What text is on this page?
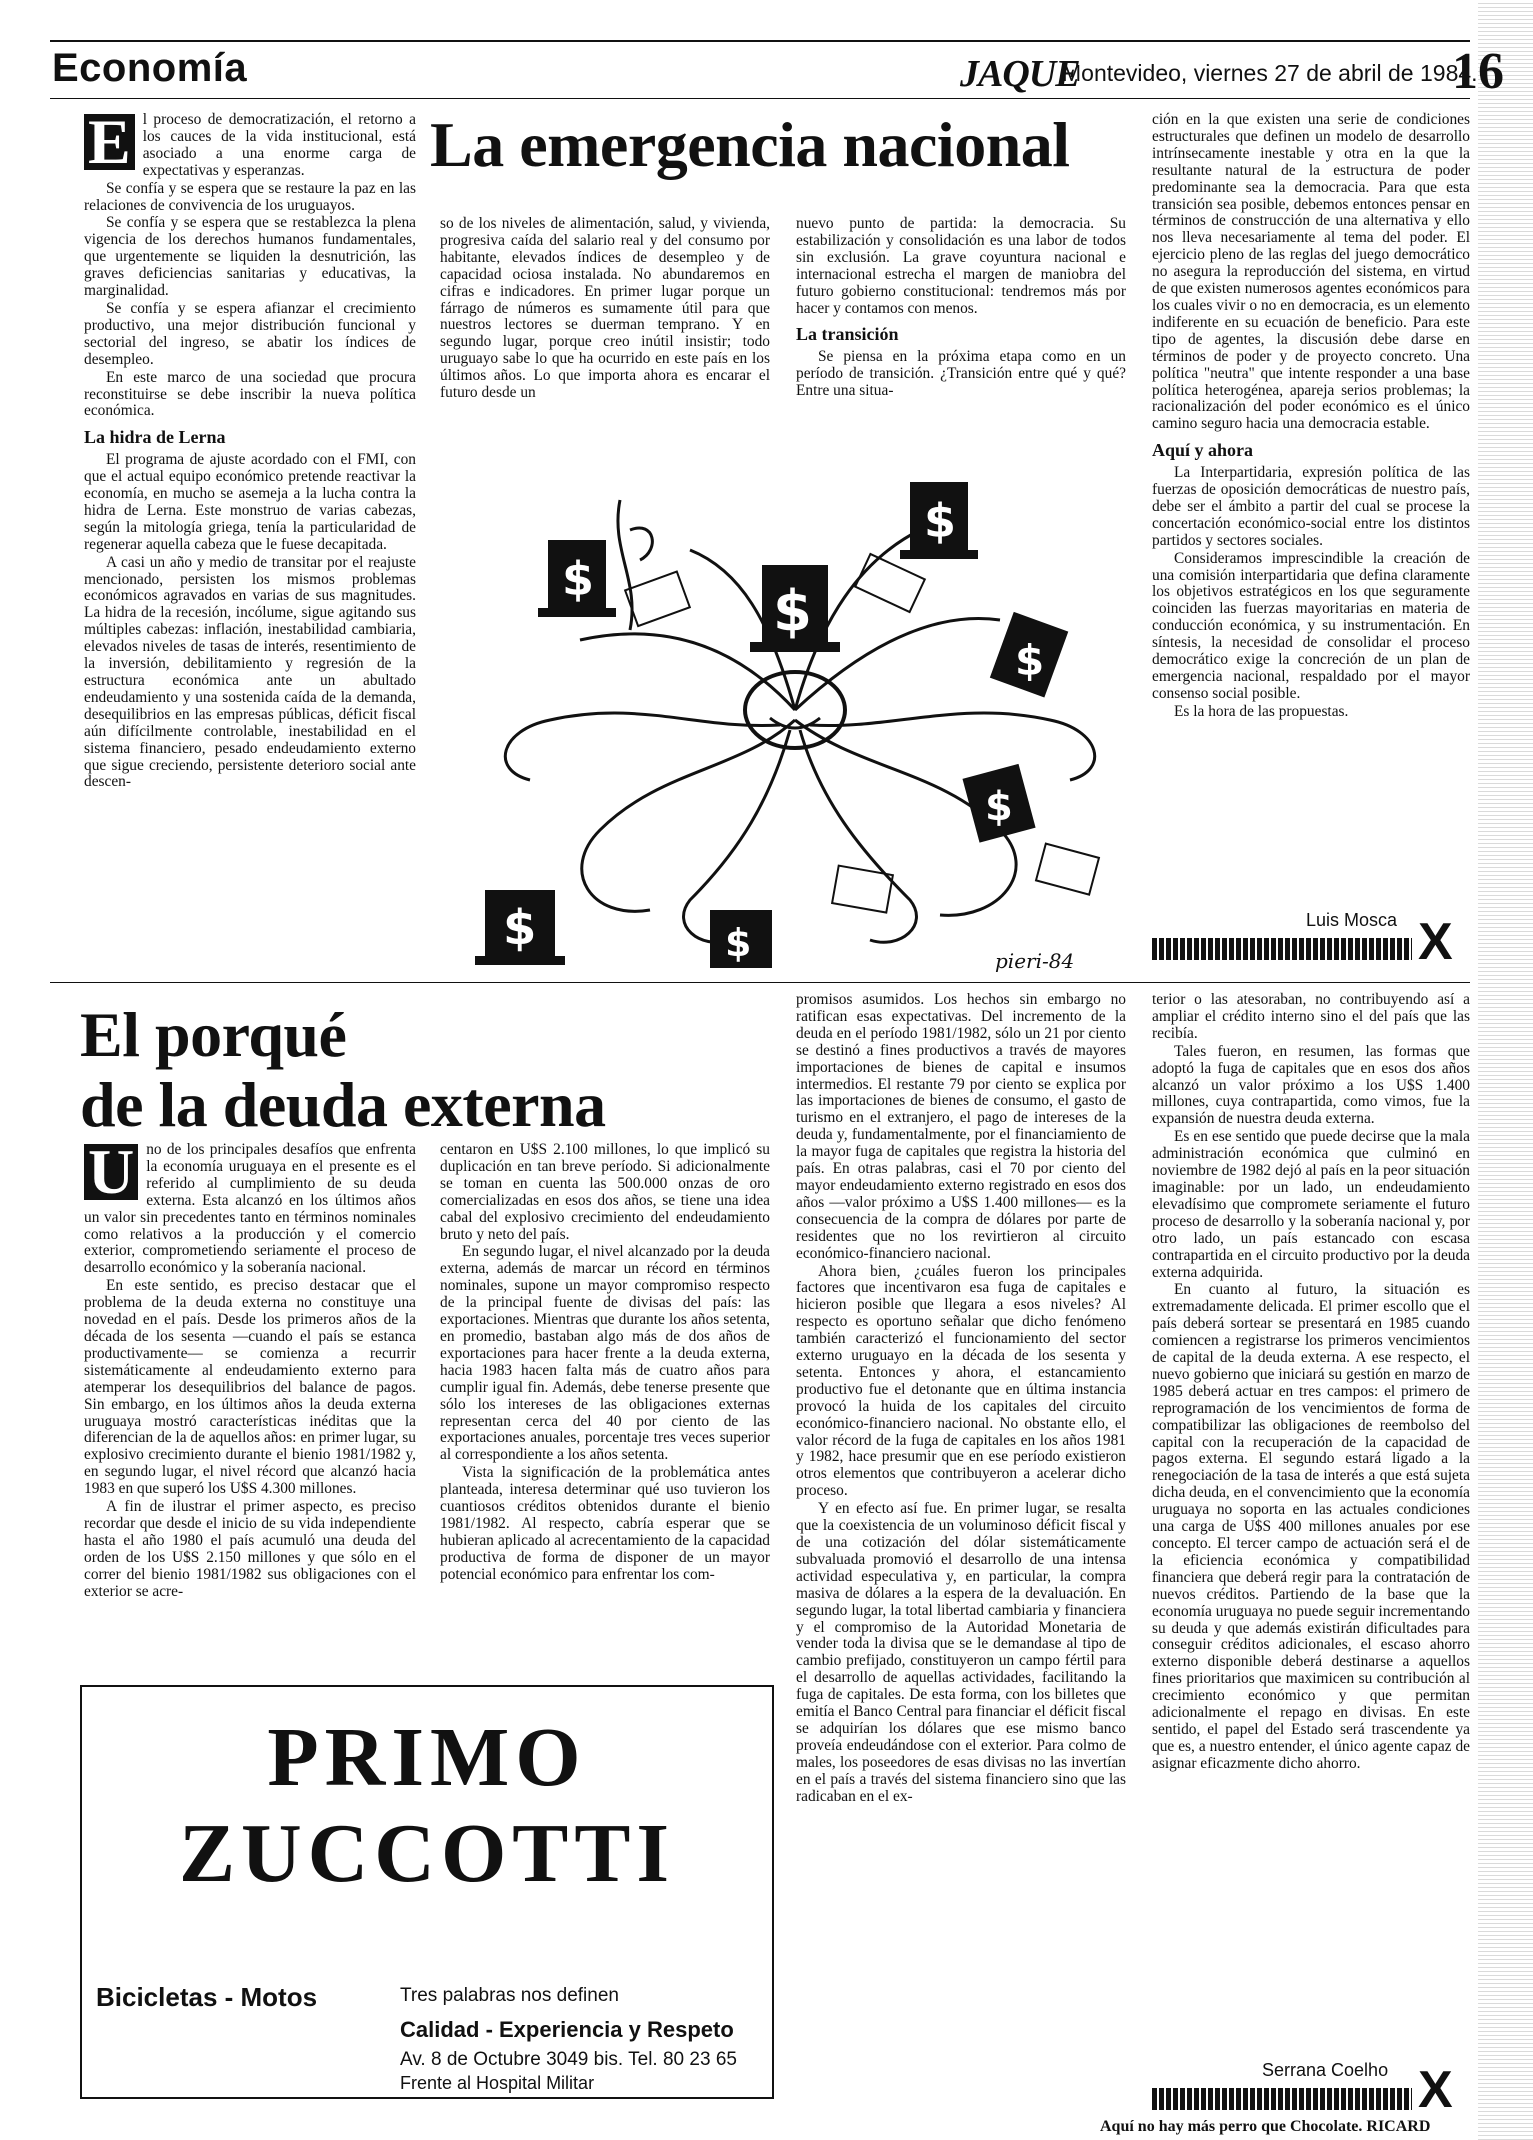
Economía	JAQUE
Montevideo, viernes 27 de abril de 1984.
16
La emergencia nacional
E l proceso de democratización, el retorno a los cauces de la vida institucional, está asociado a una enorme carga de expectativas y esperanzas.

Se confía y se espera que se restaure la paz en las relaciones de convivencia de los uruguayos.

Se confía y se espera que se restablezca la plena vigencia de los derechos humanos fundamentales, que urgentemente se liquiden la desnutrición, las graves deficiencias sanitarias y educativas, la marginalidad.

Se confía y se espera afianzar el crecimiento productivo, una mejor distribución funcional y sectorial del ingreso, se abatir los índices de desempleo.

En este marco de una sociedad que procura reconstituirse se debe inscribir la nueva política económica.

La hidra de Lerna

El programa de ajuste acordado con el FMI, con que el actual equipo económico pretende reactivar la economía, en mucho se asemeja a la lucha contra la hidra de Lerna. Este monstruo de varias cabezas, según la mitología griega, tenía la particularidad de regenerar aquella cabeza que le fuese decapitada.

A casi un año y medio de transitar por el reajuste mencionado, persisten los mismos problemas económicos agravados en varias de sus magnitudes. La hidra de la recesión, incólume, sigue agitando sus múltiples cabezas: inflación, inestabilidad cambiaria, elevados niveles de tasas de interés, resentimiento de la inversión, debilitamiento y regresión de la estructura económica ante un abultado endeudamiento y una sostenida caída de la demanda, desequilibrios en las empresas públicas, déficit fiscal aún difícilmente controlable, inestabilidad en el sistema financiero, pesado endeudamiento externo que sigue creciendo, persistente deterioro social ante descen-

so de los niveles de alimentación, salud, y vivienda, progresiva caída del salario real y del consumo por habitante, elevados índices de desempleo y de capacidad ociosa instalada. No abundaremos en cifras e indicadores. En primer lugar porque un fárrago de números es sumamente útil para que nuestros lectores se duerman temprano. Y en segundo lugar, porque creo inútil insistir; todo uruguayo sabe lo que ha ocurrido en este país en los últimos años. Lo que importa ahora es encarar el futuro desde un

nuevo punto de partida: la democracia. Su estabilización y consolidación es una labor de todos sin exclusión. La grave coyuntura nacional e internacional estrecha el margen de maniobra del futuro gobierno constitucional: tendremos más por hacer y contamos con menos.

La transición

Se piensa en la próxima etapa como en un período de transición. ¿Transición entre qué y qué? Entre una situa-

ción en la que existen una serie de condiciones estructurales que definen un modelo de desarrollo intrínsecamente inestable y otra en la que la resultante natural de la estructura de poder predominante sea la democracia. Para que esta transición sea posible, debemos entonces pensar en términos de construcción de una alternativa y ello nos lleva necesariamente al tema del poder. El ejercicio pleno de las reglas del juego democrático no asegura la reproducción del sistema, en virtud de que existen numerosos agentes económicos para los cuales vivir o no en democracia, es un elemento indiferente en su ecuación de beneficio. Para este tipo de agentes, la discusión debe darse en términos de poder y de proyecto concreto. Una política "neutra" que intente responder a una base política heterogénea, apareja serios problemas; la racionalización del poder económico es el único camino seguro hacia una democracia estable.

Aquí y ahora

La Interpartidaria, expresión política de las fuerzas de oposición democráticas de nuestro país, debe ser el ámbito a partir del cual se procese la concertación económico-social entre los distintos partidos y sectores sociales.

Consideramos imprescindible la creación de una comisión interpartidaria que defina claramente los objetivos estratégicos en los que seguramente coinciden las fuerzas mayoritarias en materia de conducción económica, y su instrumentación. En síntesis, la necesidad de consolidar el proceso democrático exige la concreción de un plan de emergencia nacional, respaldado por el mayor consenso social posible.

Es la hora de las propuestas.

$
$
$
$
$	$
$
pieri-84
Luis Mosca X
El porqué
de la deuda externa
U no de los principales desafíos que enfrenta la economía uruguaya en el presente es el referido al cumplimiento de su deuda externa. Esta alcanzó en los últimos años un valor sin precedentes tanto en términos nominales como relativos a la producción y el comercio exterior, comprometiendo seriamente el proceso de desarrollo económico y la soberanía nacional.

En este sentido, es preciso destacar que el problema de la deuda externa no constituye una novedad en el país. Desde los primeros años de la década de los sesenta —cuando el país se estanca productivamente— se comienza a recurrir sistemáticamente al endeudamiento externo para atemperar los desequilibrios del balance de pagos. Sin embargo, en los últimos años la deuda externa uruguaya mostró características inéditas que la diferencian de la de aquellos años: en primer lugar, su explosivo crecimiento durante el bienio 1981/1982 y, en segundo lugar, el nivel récord que alcanzó hacia 1983 en que superó los U$S 4.300 millones.

A fin de ilustrar el primer aspecto, es preciso recordar que desde el inicio de su vida independiente hasta el año 1980 el país acumuló una deuda del orden de los U$S 2.150 millones y que sólo en el correr del bienio 1981/1982 sus obligaciones con el exterior se acre-

centaron en U$S 2.100 millones, lo que implicó su duplicación en tan breve período. Si adicionalmente se toman en cuenta las 500.000 onzas de oro comercializadas en esos dos años, se tiene una idea cabal del explosivo crecimiento del endeudamiento bruto y neto del país.

En segundo lugar, el nivel alcanzado por la deuda externa, además de marcar un récord en términos nominales, supone un mayor compromiso respecto de la principal fuente de divisas del país: las exportaciones. Mientras que durante los años setenta, en promedio, bastaban algo más de dos años de exportaciones para hacer frente a la deuda externa, hacia 1983 hacen falta más de cuatro años para cumplir igual fin. Además, debe tenerse presente que sólo los intereses de las obligaciones externas representan cerca del 40 por ciento de las exportaciones anuales, porcentaje tres veces superior al correspondiente a los años setenta.

Vista la significación de la problemática antes planteada, interesa determinar qué uso tuvieron los cuantiosos créditos obtenidos durante el bienio 1981/1982. Al respecto, cabría esperar que se hubieran aplicado al acrecentamiento de la capacidad productiva de forma de disponer de un mayor potencial económico para enfrentar los com-

promisos asumidos. Los hechos sin embargo no ratifican esas expectativas. Del incremento de la deuda en el período 1981/1982, sólo un 21 por ciento se destinó a fines productivos a través de mayores importaciones de bienes de capital e insumos intermedios. El restante 79 por ciento se explica por las importaciones de bienes de consumo, el gasto de turismo en el extranjero, el pago de intereses de la deuda y, fundamentalmente, por el financiamiento de la mayor fuga de capitales que registra la historia del país. En otras palabras, casi el 70 por ciento del mayor endeudamiento externo registrado en esos dos años —valor próximo a U$S 1.400 millones— es la consecuencia de la compra de dólares por parte de residentes que no los revirtieron al circuito económico-financiero nacional.

Ahora bien, ¿cuáles fueron los principales factores que incentivaron esa fuga de capitales e hicieron posible que llegara a esos niveles? Al respecto es oportuno señalar que dicho fenómeno también caracterizó el funcionamiento del sector externo uruguayo en la década de los sesenta y setenta. Entonces y ahora, el estancamiento productivo fue el detonante que en última instancia provocó la huida de los capitales del circuito económico-financiero nacional. No obstante ello, el valor récord de la fuga de capitales en los años 1981 y 1982, hace presumir que en ese período existieron otros elementos que contribuyeron a acelerar dicho proceso.

Y en efecto así fue. En primer lugar, se resalta que la coexistencia de un voluminoso déficit fiscal y de una cotización del dólar sistemáticamente subvaluada promovió el desarrollo de una intensa actividad especulativa y, en particular, la compra masiva de dólares a la espera de la devaluación. En segundo lugar, la total libertad cambiaria y financiera y el compromiso de la Autoridad Monetaria de vender toda la divisa que se le demandase al tipo de cambio prefijado, constituyeron un campo fértil para el desarrollo de aquellas actividades, facilitando la fuga de capitales. De esta forma, con los billetes que emitía el Banco Central para financiar el déficit fiscal se adquirían los dólares que ese mismo banco proveía endeudándose con el exterior. Para colmo de males, los poseedores de esas divisas no las invertían en el país a través del sistema financiero sino que las radicaban en el ex-

terior o las atesoraban, no contribuyendo así a ampliar el crédito interno sino el del país que las recibía.

Tales fueron, en resumen, las formas que adoptó la fuga de capitales que en esos dos años alcanzó un valor próximo a los U$S 1.400 millones, cuya contrapartida, como vimos, fue la expansión de nuestra deuda externa.

Es en ese sentido que puede decirse que la mala administración económica que culminó en noviembre de 1982 dejó al país en la peor situación imaginable: por un lado, un endeudamiento elevadísimo que compromete seriamente el futuro proceso de desarrollo y la soberanía nacional y, por otro lado, un país estancado con escasa contrapartida en el circuito productivo por la deuda externa adquirida.

En cuanto al futuro, la situación es extremadamente delicada. El primer escollo que el país deberá sortear se presentará en 1985 cuando comiencen a registrarse los primeros vencimientos de capital de la deuda externa. A ese respecto, el nuevo gobierno que iniciará su gestión en marzo de 1985 deberá actuar en tres campos: el primero de reprogramación de los vencimientos de forma de compatibilizar las obligaciones de reembolso del capital con la recuperación de la capacidad de pagos externa. El segundo estará ligado a la renegociación de la tasa de interés a que está sujeta dicha deuda, en el convencimiento que la economía uruguaya no soporta en las actuales condiciones una carga de U$S 400 millones anuales por ese concepto. El tercer campo de actuación será el de la eficiencia económica y compatibilidad financiera que deberá regir para la contratación de nuevos créditos. Partiendo de la base que la economía uruguaya no puede seguir incrementando su deuda y que además existirán dificultades para conseguir créditos adicionales, el escaso ahorro externo disponible deberá destinarse a aquellos fines prioritarios que maximicen su contribución al crecimiento económico y que permitan adicionalmente el repago en divisas. En este sentido, el papel del Estado será trascendente ya que es, a nuestro entender, el único agente capaz de asignar eficazmente dicho ahorro.

Serrana Coelho X
PRIMO
ZUCCOTTI
Bicicletas - Motos	Tres palabras nos definen
Calidad - Experiencia y Respeto
Av. 8 de Octubre 3049 bis. Tel. 80 23 65
Frente al Hospital Militar
Aquí no hay más perro que Chocolate. RICARD
